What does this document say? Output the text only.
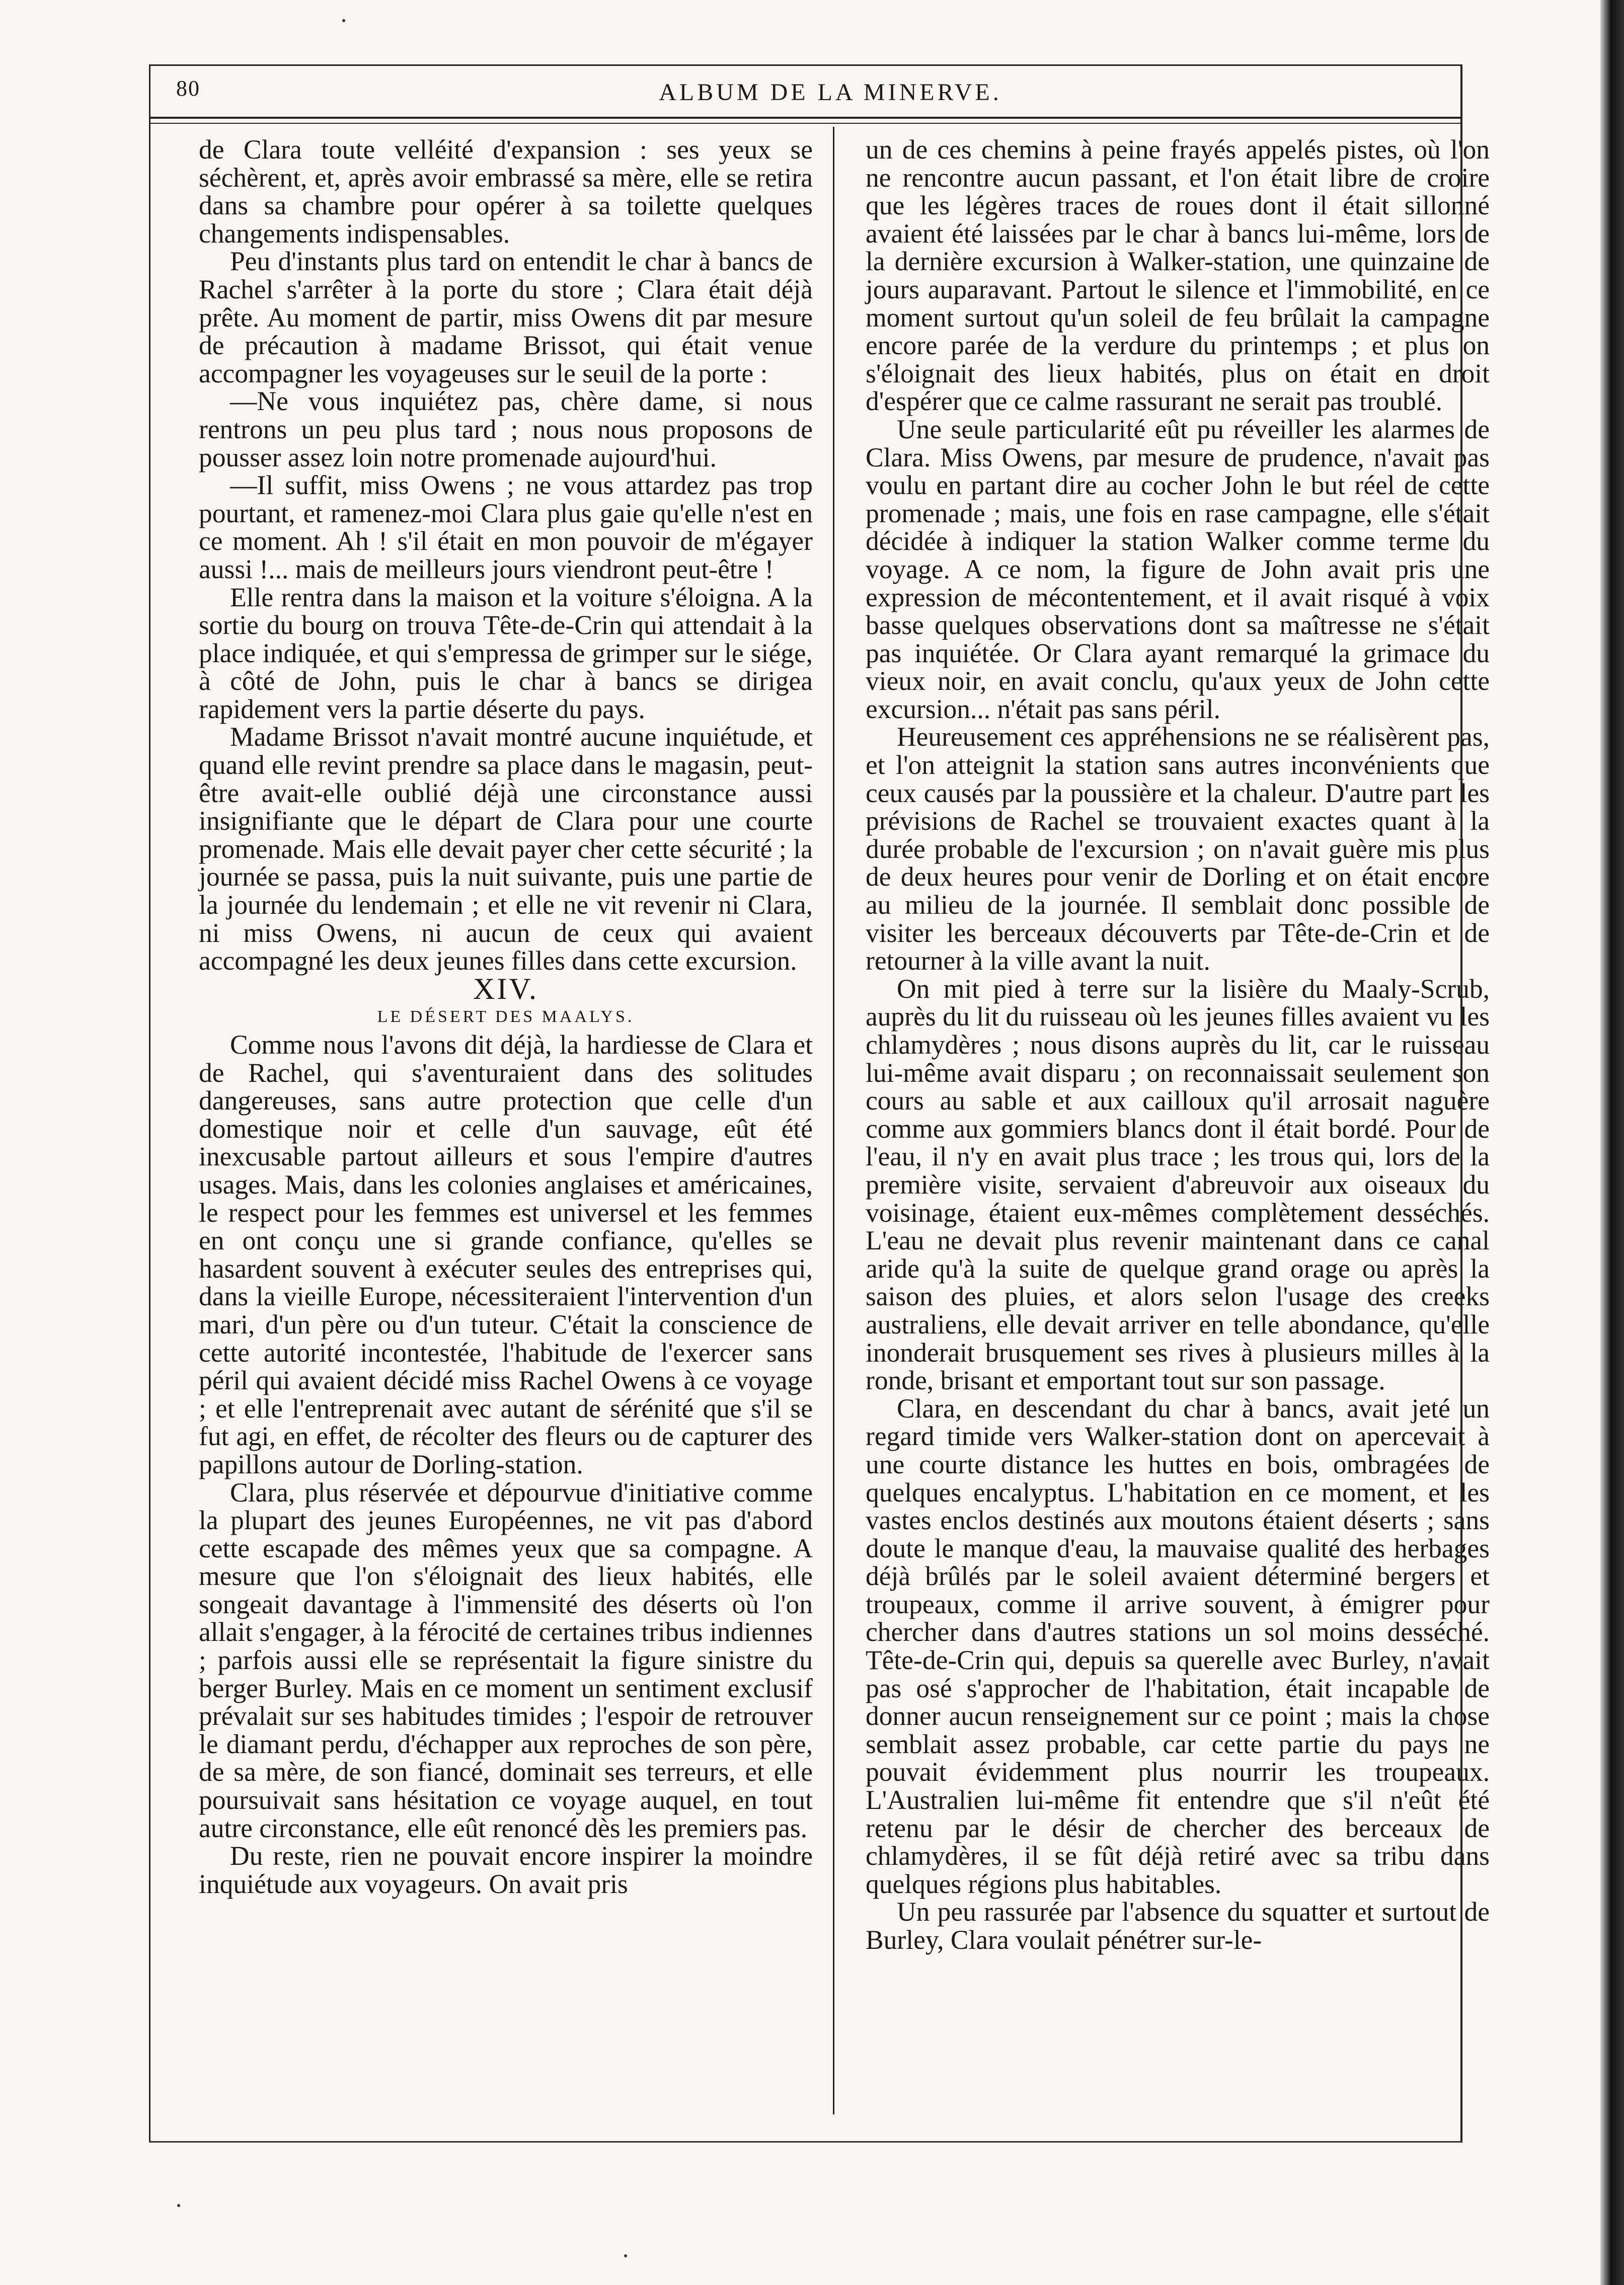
80	ALBUM DE LA MINERVE.

de Clara toute velléité d'expansion : ses yeux se séchèrent, et, après avoir embrassé sa mère, elle se retira dans sa chambre pour opérer à sa toilette quelques changements indispensables.

Peu d'instants plus tard on entendit le char à bancs de Rachel s'arrêter à la porte du store ; Clara était déjà prête. Au moment de partir, miss Owens dit par mesure de précaution à madame Brissot, qui était venue accompagner les voyageuses sur le seuil de la porte :

—Ne vous inquiétez pas, chère dame, si nous rentrons un peu plus tard ; nous nous proposons de pousser assez loin notre promenade aujourd'hui.

—Il suffit, miss Owens ; ne vous attardez pas trop pourtant, et ramenez-moi Clara plus gaie qu'elle n'est en ce moment. Ah ! s'il était en mon pouvoir de m'égayer aussi !... mais de meilleurs jours viendront peut-être !

Elle rentra dans la maison et la voiture s'éloigna. A la sortie du bourg on trouva Tête-de-Crin qui attendait à la place indiquée, et qui s'empressa de grimper sur le siége, à côté de John, puis le char à bancs se dirigea rapidement vers la partie déserte du pays.

Madame Brissot n'avait montré aucune inquiétude, et quand elle revint prendre sa place dans le magasin, peut-être avait-elle oublié déjà une circonstance aussi insignifiante que le départ de Clara pour une courte promenade. Mais elle devait payer cher cette sécurité ; la journée se passa, puis la nuit suivante, puis une partie de la journée du lendemain ; et elle ne vit revenir ni Clara, ni miss Owens, ni aucun de ceux qui avaient accompagné les deux jeunes filles dans cette excursion.

XIV.

LE DÉSERT DES MAALYS.

Comme nous l'avons dit déjà, la hardiesse de Clara et de Rachel, qui s'aventuraient dans des solitudes dangereuses, sans autre protection que celle d'un domestique noir et celle d'un sauvage, eût été inexcusable partout ailleurs et sous l'empire d'autres usages. Mais, dans les colonies anglaises et américaines, le respect pour les femmes est universel et les femmes en ont conçu une si grande confiance, qu'elles se hasardent souvent à exécuter seules des entreprises qui, dans la vieille Europe, nécessiteraient l'intervention d'un mari, d'un père ou d'un tuteur. C'était la conscience de cette autorité incontestée, l'habitude de l'exercer sans péril qui avaient décidé miss Rachel Owens à ce voyage ; et elle l'entreprenait avec autant de sérénité que s'il se fut agi, en effet, de récolter des fleurs ou de capturer des papillons autour de Dorling-station.

Clara, plus réservée et dépourvue d'initiative comme la plupart des jeunes Européennes, ne vit pas d'abord cette escapade des mêmes yeux que sa compagne. A mesure que l'on s'éloignait des lieux habités, elle songeait davantage à l'immensité des déserts où l'on allait s'engager, à la férocité de certaines tribus indiennes ; parfois aussi elle se représentait la figure sinistre du berger Burley. Mais en ce moment un sentiment exclusif prévalait sur ses habitudes timides ; l'espoir de retrouver le diamant perdu, d'échapper aux reproches de son père, de sa mère, de son fiancé, dominait ses terreurs, et elle poursuivait sans hésitation ce voyage auquel, en tout autre circonstance, elle eût renoncé dès les premiers pas.

Du reste, rien ne pouvait encore inspirer la moindre inquiétude aux voyageurs. On avait pris

un de ces chemins à peine frayés appelés pistes, où l'on ne rencontre aucun passant, et l'on était libre de croire que les légères traces de roues dont il était sillonné avaient été laissées par le char à bancs lui-même, lors de la dernière excursion à Walker-station, une quinzaine de jours auparavant. Partout le silence et l'immobilité, en ce moment surtout qu'un soleil de feu brûlait la campagne encore parée de la verdure du printemps ; et plus on s'éloignait des lieux habités, plus on était en droit d'espérer que ce calme rassurant ne serait pas troublé.

Une seule particularité eût pu réveiller les alarmes de Clara. Miss Owens, par mesure de prudence, n'avait pas voulu en partant dire au cocher John le but réel de cette promenade ; mais, une fois en rase campagne, elle s'était décidée à indiquer la station Walker comme terme du voyage. A ce nom, la figure de John avait pris une expression de mécontentement, et il avait risqué à voix basse quelques observations dont sa maîtresse ne s'était pas inquiétée. Or Clara ayant remarqué la grimace du vieux noir, en avait conclu, qu'aux yeux de John cette excursion... n'était pas sans péril.

Heureusement ces appréhensions ne se réalisèrent pas, et l'on atteignit la station sans autres inconvénients que ceux causés par la poussière et la chaleur. D'autre part les prévisions de Rachel se trouvaient exactes quant à la durée probable de l'excursion ; on n'avait guère mis plus de deux heures pour venir de Dorling et on était encore au milieu de la journée. Il semblait donc possible de visiter les berceaux découverts par Tête-de-Crin et de retourner à la ville avant la nuit.

On mit pied à terre sur la lisière du Maaly-Scrub, auprès du lit du ruisseau où les jeunes filles avaient vu les chlamydères ; nous disons auprès du lit, car le ruisseau lui-même avait disparu ; on reconnaissait seulement son cours au sable et aux cailloux qu'il arrosait naguère comme aux gommiers blancs dont il était bordé. Pour de l'eau, il n'y en avait plus trace ; les trous qui, lors de la première visite, servaient d'abreuvoir aux oiseaux du voisinage, étaient eux-mêmes complètement desséchés. L'eau ne devait plus revenir maintenant dans ce canal aride qu'à la suite de quelque grand orage ou après la saison des pluies, et alors selon l'usage des creeks australiens, elle devait arriver en telle abondance, qu'elle inonderait brusquement ses rives à plusieurs milles à la ronde, brisant et emportant tout sur son passage.

Clara, en descendant du char à bancs, avait jeté un regard timide vers Walker-station dont on apercevait à une courte distance les huttes en bois, ombragées de quelques encalyptus. L'habitation en ce moment, et les vastes enclos destinés aux moutons étaient déserts ; sans doute le manque d'eau, la mauvaise qualité des herbages déjà brûlés par le soleil avaient déterminé bergers et troupeaux, comme il arrive souvent, à émigrer pour chercher dans d'autres stations un sol moins desséché. Tête-de-Crin qui, depuis sa querelle avec Burley, n'avait pas osé s'approcher de l'habitation, était incapable de donner aucun renseignement sur ce point ; mais la chose semblait assez probable, car cette partie du pays ne pouvait évidemment plus nourrir les troupeaux. L'Australien lui-même fit entendre que s'il n'eût été retenu par le désir de chercher des berceaux de chlamydères, il se fût déjà retiré avec sa tribu dans quelques régions plus habitables.

Un peu rassurée par l'absence du squatter et surtout de Burley, Clara voulait pénétrer sur-le-
